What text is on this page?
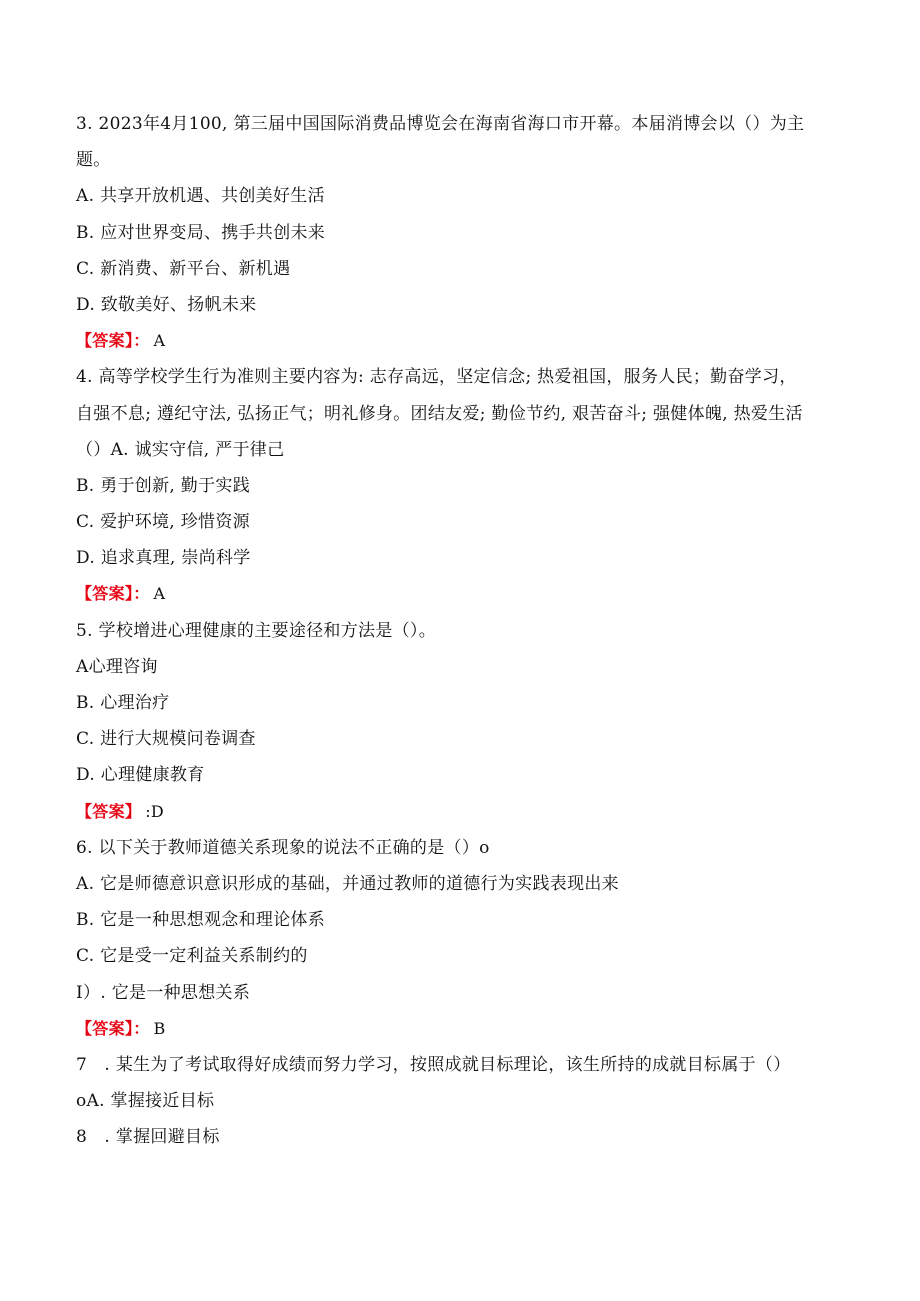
3. 2023年4月100, 第三届中国国际消费品博览会在海南省海口市开幕。本届消博会以（）为主
题。
A. 共享开放机遇、共创美好生活
B. 应对世界变局、携手共创未来
C. 新消费、新平台、新机遇
D. 致敬美好、扬帆未来
【答案】： A
4. 高等学校学生行为准则主要内容为: 志存高远，坚定信念; 热爱祖国，服务人民；勤奋学习，
自强不息; 遵纪守法, 弘扬正气；明礼修身。团结友爱; 勤俭节约, 艰苦奋斗; 强健体魄, 热爱生活
（）A. 诚实守信, 严于律己
B. 勇于创新, 勤于实践
C. 爱护环境, 珍惜资源
D. 追求真理, 崇尚科学
【答案】： A
5. 学校增进心理健康的主要途径和方法是（）。
A心理咨询
B. 心理治疗
C. 进行大规模问卷调查
D. 心理健康教育
【答案】 :D
6. 以下关于教师道德关系现象的说法不正确的是（）o
A. 它是师德意识意识形成的基础，并通过教师的道德行为实践表现出来
B. 它是一种思想观念和理论体系
C. 它是受一定利益关系制约的
I）. 它是一种思想关系
【答案】： B
7　. 某生为了考试取得好成绩而努力学习，按照成就目标理论，该生所持的成就目标属于（）
oA. 掌握接近目标
8　. 掌握回避目标
